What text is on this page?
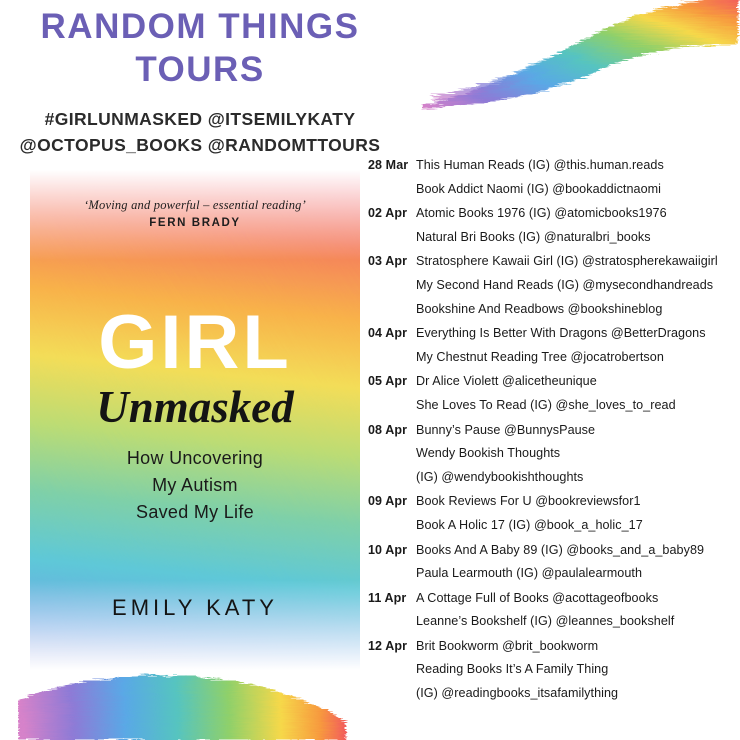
RANDOM THINGS
TOURS
#GIRLUNMASKED @ITSEMILYKATY
@OCTOPUS_BOOKS @RANDOMTTOURS
‘Moving and powerful – essential reading’
FERN BRADY
GIRL
Unmasked
How Uncovering
My Autism
Saved My Life
EMILY KATY
28 Mar This Human Reads (IG) @this.human.reads
Book Addict Naomi (IG) @bookaddictnaomi
02 Apr Atomic Books 1976 (IG) @atomicbooks1976
Natural Bri Books (IG) @naturalbri_books
03 Apr Stratosphere Kawaii Girl (IG) @stratospherekawaiigirl
My Second Hand Reads (IG) @mysecondhandreads
Bookshine And Readbows @bookshineblog
04 Apr Everything Is Better With Dragons @BetterDragons
My Chestnut Reading Tree @jocatrobertson
05 Apr Dr Alice Violett @alicetheunique
She Loves To Read (IG) @she_loves_to_read
08 Apr Bunny’s Pause @BunnysPause
Wendy Bookish Thoughts
(IG) @wendybookishthoughts
09 Apr Book Reviews For U @bookreviewsfor1
Book A Holic 17 (IG) @book_a_holic_17
10 Apr Books And A Baby 89 (IG) @books_and_a_baby89
Paula Learmouth (IG) @paulalearmouth
11 Apr A Cottage Full of Books @acottageofbooks
Leanne’s Bookshelf (IG) @leannes_bookshelf
12 Apr Brit Bookworm @brit_bookworm
Reading Books It’s A Family Thing
(IG) @readingbooks_itsafamilything
